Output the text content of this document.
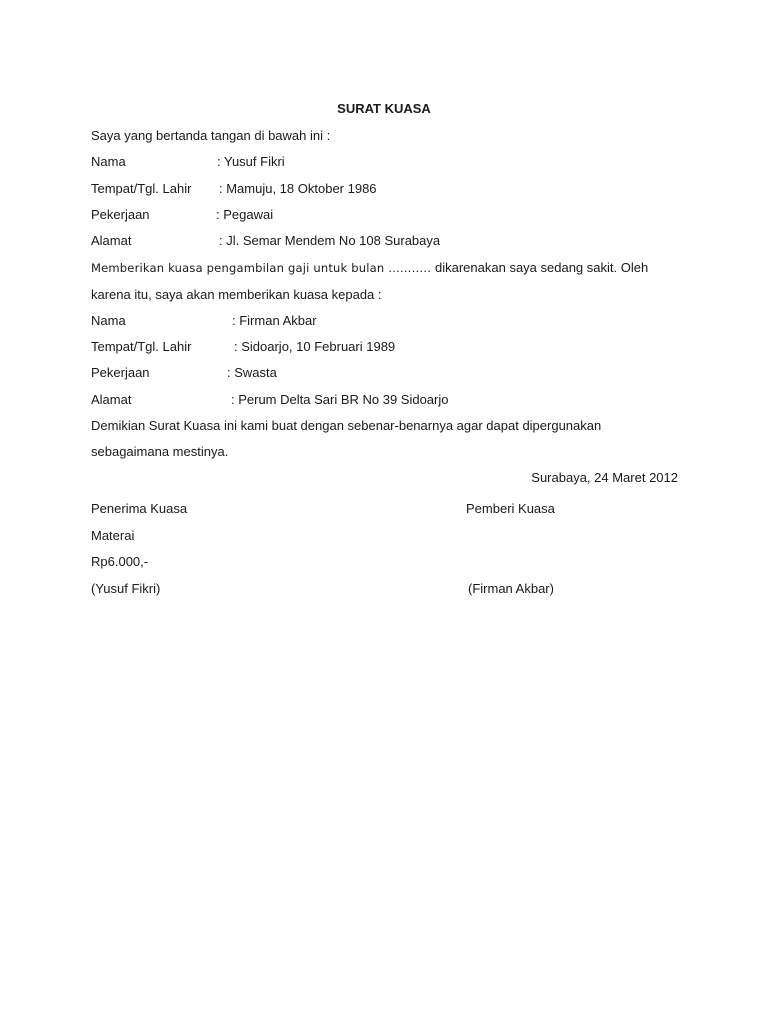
SURAT KUASA
Saya yang bertanda tangan di bawah ini :
Nama	: Yusuf Fikri
Tempat/Tgl. Lahir : Mamuju, 18 Oktober 1986
Pekerjaan	: Pegawai
Alamat	: Jl. Semar Mendem No 108 Surabaya
Memberikan kuasa pengambilan gaji untuk bulan ……….. dikarenakan saya sedang sakit. Oleh
karena itu, saya akan memberikan kuasa kepada :
Nama	: Firman Akbar
Tempat/Tgl. Lahir	: Sidoarjo, 10 Februari 1989
Pekerjaan	: Swasta
Alamat	: Perum Delta Sari BR No 39 Sidoarjo
Demikian Surat Kuasa ini kami buat dengan sebenar-benarnya agar dapat dipergunakan
sebagaimana mestinya.
Surabaya, 24 Maret 2012
Penerima Kuasa	Pemberi Kuasa
Materai
Rp6.000,-
(Yusuf Fikri)	(Firman Akbar)
